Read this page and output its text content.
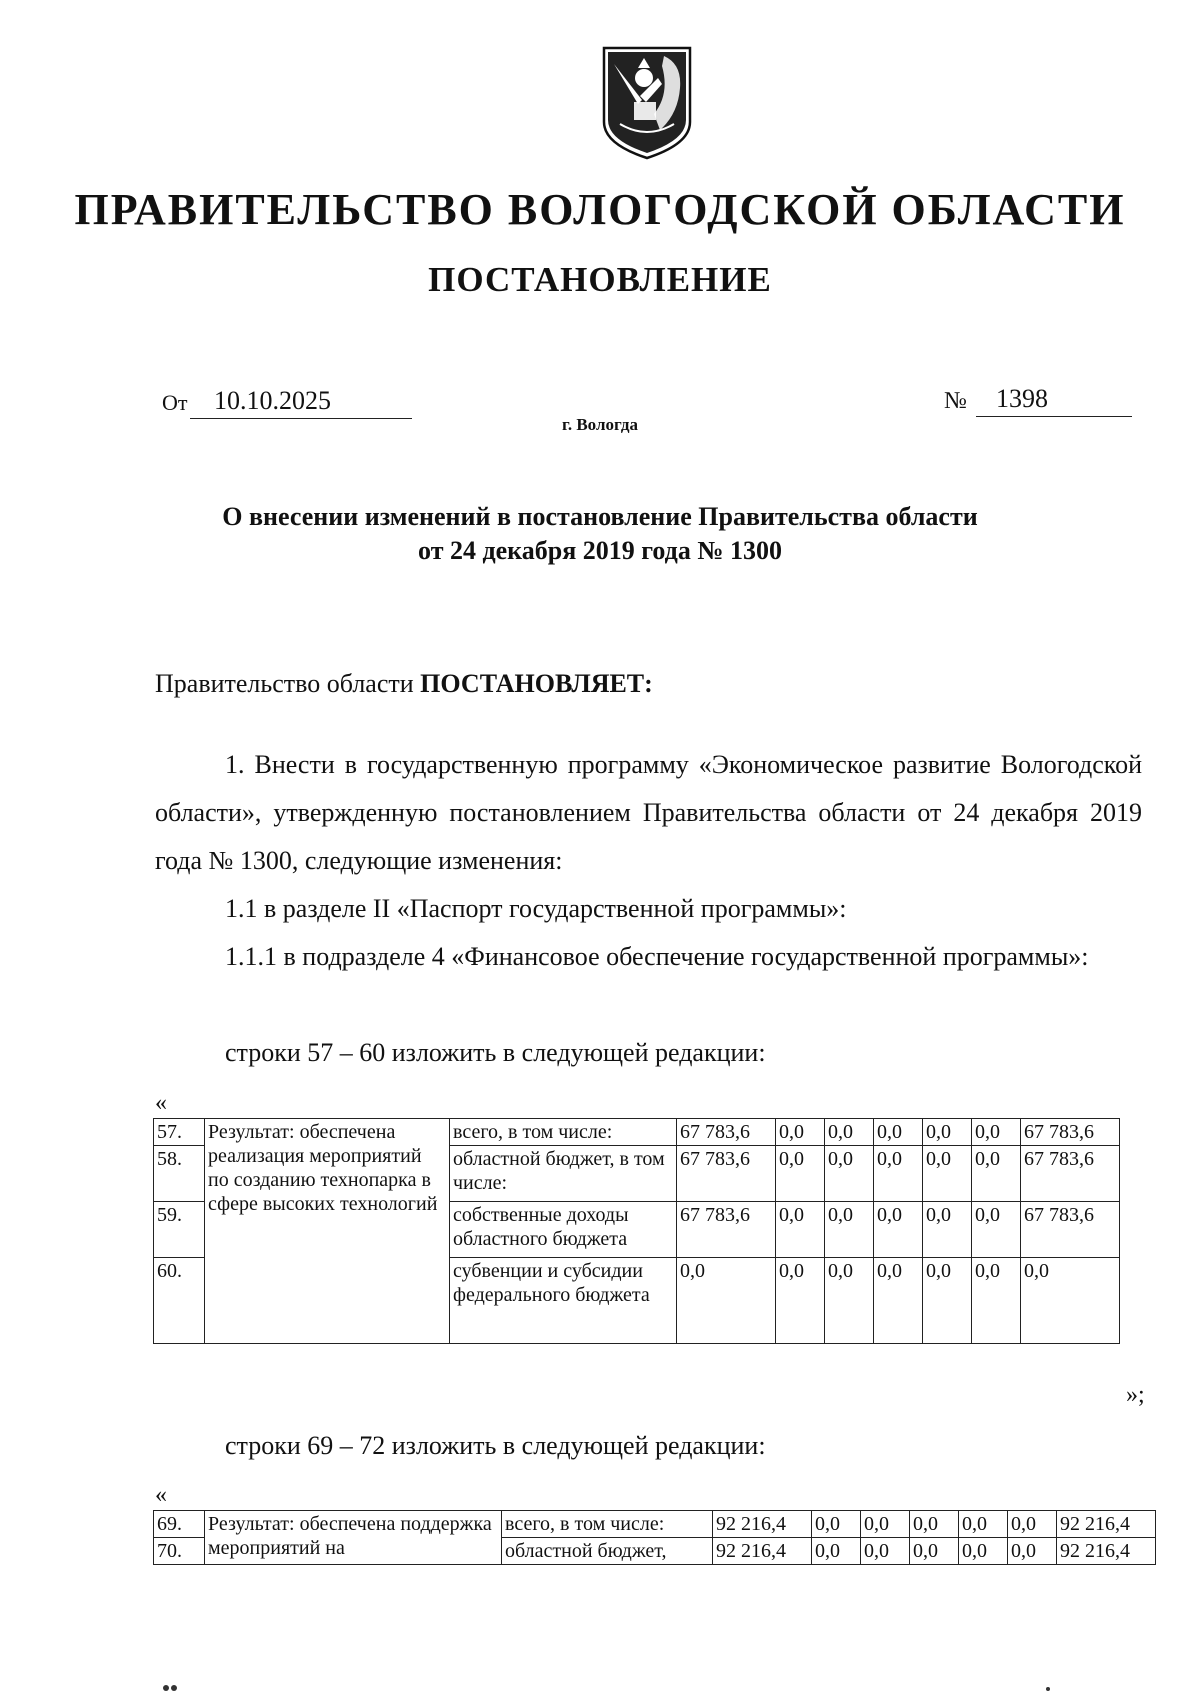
ПРАВИТЕЛЬСТВО ВОЛОГОДСКОЙ ОБЛАСТИ
ПОСТАНОВЛЕНИЕ
От	10.10.2025	№	1398
г. Вологда
О внесении изменений в постановление Правительства области
от 24 декабря 2019 года № 1300
Правительство области ПОСТАНОВЛЯЕТ:
1. Внести в государственную программу «Экономическое развитие Вологодской области», утвержденную постановлением Правительства области от 24 декабря 2019 года № 1300, следующие изменения:
1.1 в разделе II «Паспорт государственной программы»:
1.1.1 в подразделе 4 «Финансовое обеспечение государственной программы»:
строки 57 – 60 изложить в следующей редакции:
«
57.	Результат: обеспечена реализация мероприятий по созданию технопарка в сфере высоких технологий	всего, в том числе:	67 783,6	0,0	0,0	0,0	0,0	0,0	67 783,6
58.		областной бюджет, в том числе:	67 783,6	0,0	0,0	0,0	0,0	0,0	67 783,6
59.		собственные доходы областного бюджета	67 783,6	0,0	0,0	0,0	0,0	0,0	67 783,6
60.		субвенции и субсидии федерального бюджета	0,0	0,0	0,0	0,0	0,0	0,0	0,0
»;
строки 69 – 72 изложить в следующей редакции:
«
69.	Результат: обеспечена поддержка мероприятий на	всего, в том числе:	92 216,4	0,0	0,0	0,0	0,0	0,0	92 216,4
70.		областной бюджет,	92 216,4	0,0	0,0	0,0	0,0	0,0	92 216,4
